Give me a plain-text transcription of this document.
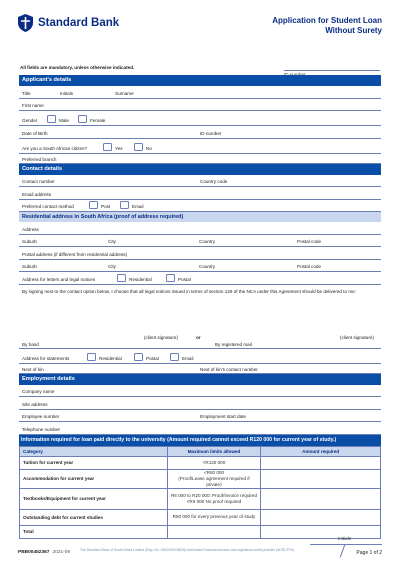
Standard Bank	Application for Student Loan
Without Surety
All fields are mandatory, unless otherwise indicated.
Applicant's details
Title	Initials	Surname
First name
Gender	Male	Female
Date of Birth	ID number
Are you a South African citizen?	Yes	No
Preferred branch
Contact details
Contact number	Country code
Email address
Preferred contact method	Post	Email
Residential address in South Africa (proof of address required)
Address
Suburb	City	Country	Postal code
Postal address (if different from residential address)
Suburb	City	Country	Postal code
Address for letters and legal notices	Residential	Postal
By signing next to the contact option below, I choose that all legal notices issued in terms of section 129 of the NCA under this Agreement should be delivered to me:
(client signature)	or	(client signature)
By hand	By registered mail
Address for statements	Residential	Postal	Email
Next of kin	Next of kin's contact number
Employment details
Company name
Site address
Employee number	Employment start date
Telephone number
Information required for loan paid directly to the university (Amount required cannot exceed R120 000 for current year of study.)
Category	Maximum limits allowed	Amount required
Tuition for current year	<R120 000	
Accommodation for current year	<R60 000
(Proof/Lease agreement required if private)	
Textbooks/Equipment for current year	R6 000 to R20 000: Proof/Invoice required
<R6 000 No proof required	
Outstanding debt for current studies	R50 000 for every previous year of study	
Total		
Initials
PBB00452367 2021-09	The Standard Bank of South Africa Limited (Reg. No. 1962/000738/06) Authorised financial services and registered credit provider (NCRCP15).	Page 1 of 2
